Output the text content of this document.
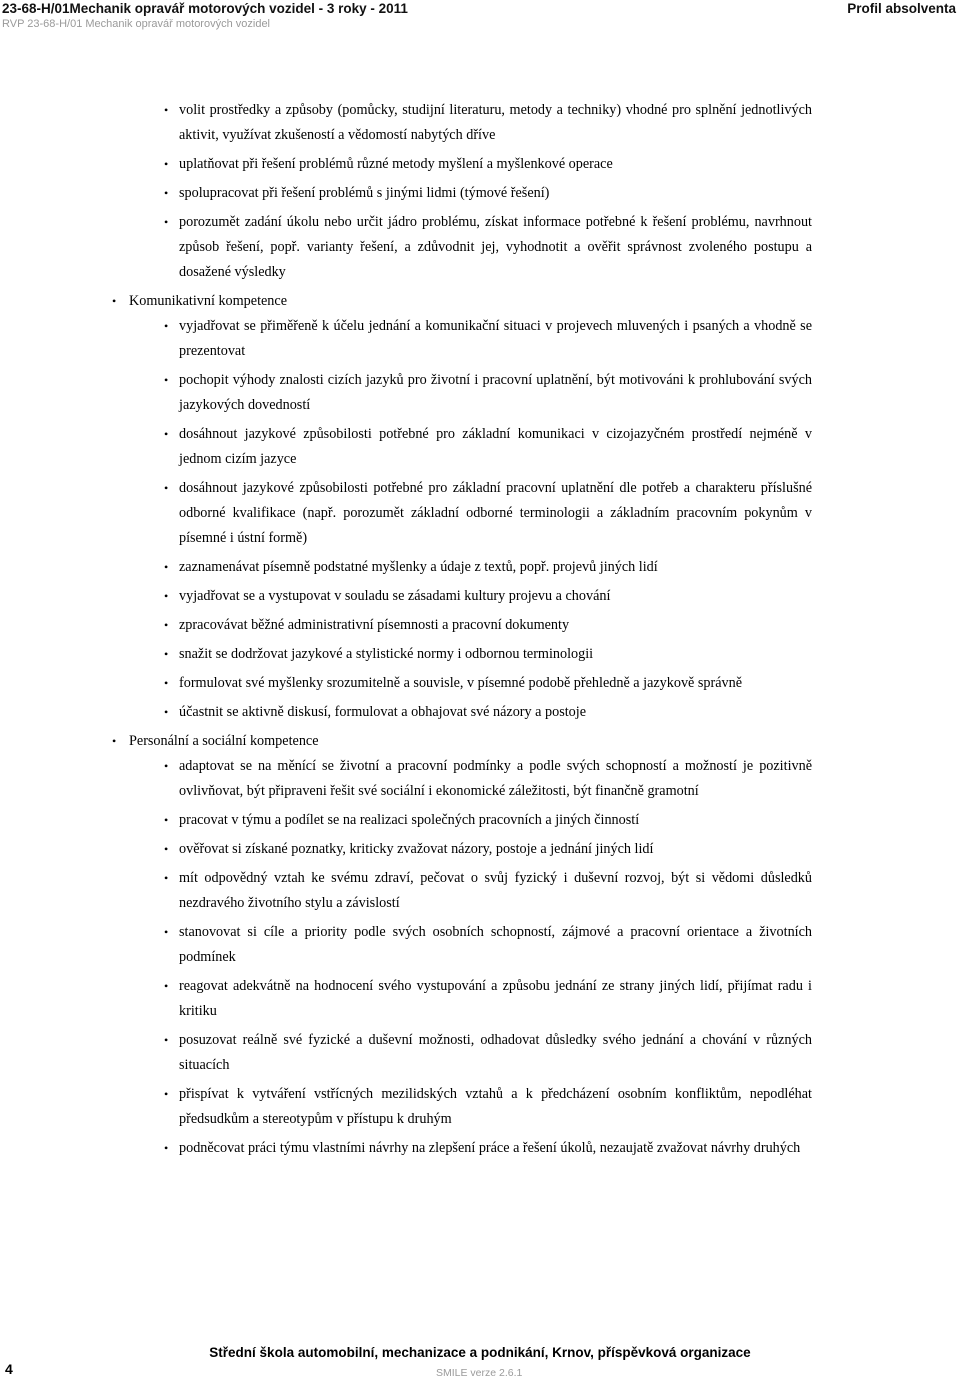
23-68-H/01Mechanik opravář motorových vozidel - 3 roky - 2011
RVP 23-68-H/01 Mechanik opravář motorových vozidel
Profil absolventa
• volit prostředky a způsoby (pomůcky, studijní literaturu, metody a techniky) vhodné pro splnění jednotlivých aktivit, využívat zkušeností a vědomostí nabytých dříve
• uplatňovat při řešení problémů různé metody myšlení a myšlenkové operace
• spolupracovat při řešení problémů s jinými lidmi (týmové řešení)
• porozumět zadání úkolu nebo určit jádro problému, získat informace potřebné k řešení problému, navrhnout způsob řešení, popř. varianty řešení, a zdůvodnit jej, vyhodnotit a ověřit správnost zvoleného postupu a dosažené výsledky
• Komunikativní kompetence
• vyjadřovat se přiměřeně k účelu jednání a komunikační situaci v projevech mluvených i psaných a vhodně se prezentovat
• pochopit výhody znalosti cizích jazyků pro životní i pracovní uplatnění, být motivováni k prohlubování svých jazykových dovedností
• dosáhnout jazykové způsobilosti potřebné pro základní komunikaci v cizojazyčném prostředí nejméně v jednom cizím jazyce
• dosáhnout jazykové způsobilosti potřebné pro základní pracovní uplatnění dle potřeb a charakteru příslušné odborné kvalifikace (např. porozumět základní odborné terminologii a základním pracovním pokynům v písemné i ústní formě)
• zaznamenávat písemně podstatné myšlenky a údaje z textů, popř. projevů jiných lidí
• vyjadřovat se a vystupovat v souladu se zásadami kultury projevu a chování
• zpracovávat běžné administrativní písemnosti a pracovní dokumenty
• snažit se dodržovat jazykové a stylistické normy i odbornou terminologii
• formulovat své myšlenky srozumitelně a souvisle, v písemné podobě přehledně a jazykově správně
• účastnit se aktivně diskusí, formulovat a obhajovat své názory a postoje
• Personální a sociální kompetence
• adaptovat se na měnící se životní a pracovní podmínky a podle svých schopností a možností je pozitivně ovlivňovat, být připraveni řešit své sociální i ekonomické záležitosti, být finančně gramotní
• pracovat v týmu a podílet se na realizaci společných pracovních a jiných činností
• ověřovat si získané poznatky, kriticky zvažovat názory, postoje a jednání jiných lidí
• mít odpovědný vztah ke svému zdraví, pečovat o svůj fyzický i duševní rozvoj, být si vědomi důsledků nezdravého životního stylu a závislostí
• stanovovat si cíle a priority podle svých osobních schopností, zájmové a pracovní orientace a životních podmínek
• reagovat adekvátně na hodnocení svého vystupování a způsobu jednání ze strany jiných lidí, přijímat radu i kritiku
• posuzovat reálně své fyzické a duševní možnosti, odhadovat důsledky svého jednání a chování v různých situacích
• přispívat k vytváření vstřícných mezilidských vztahů a k předcházení osobním konfliktům, nepodléhat předsudkům a stereotypům v přístupu k druhým
• podněcovat práci týmu vlastními návrhy na zlepšení práce a řešení úkolů, nezaujatě zvažovat návrhy druhých
Střední škola automobilní, mechanizace a podnikání, Krnov, příspěvková organizace
4	SMILE verze 2.6.1
